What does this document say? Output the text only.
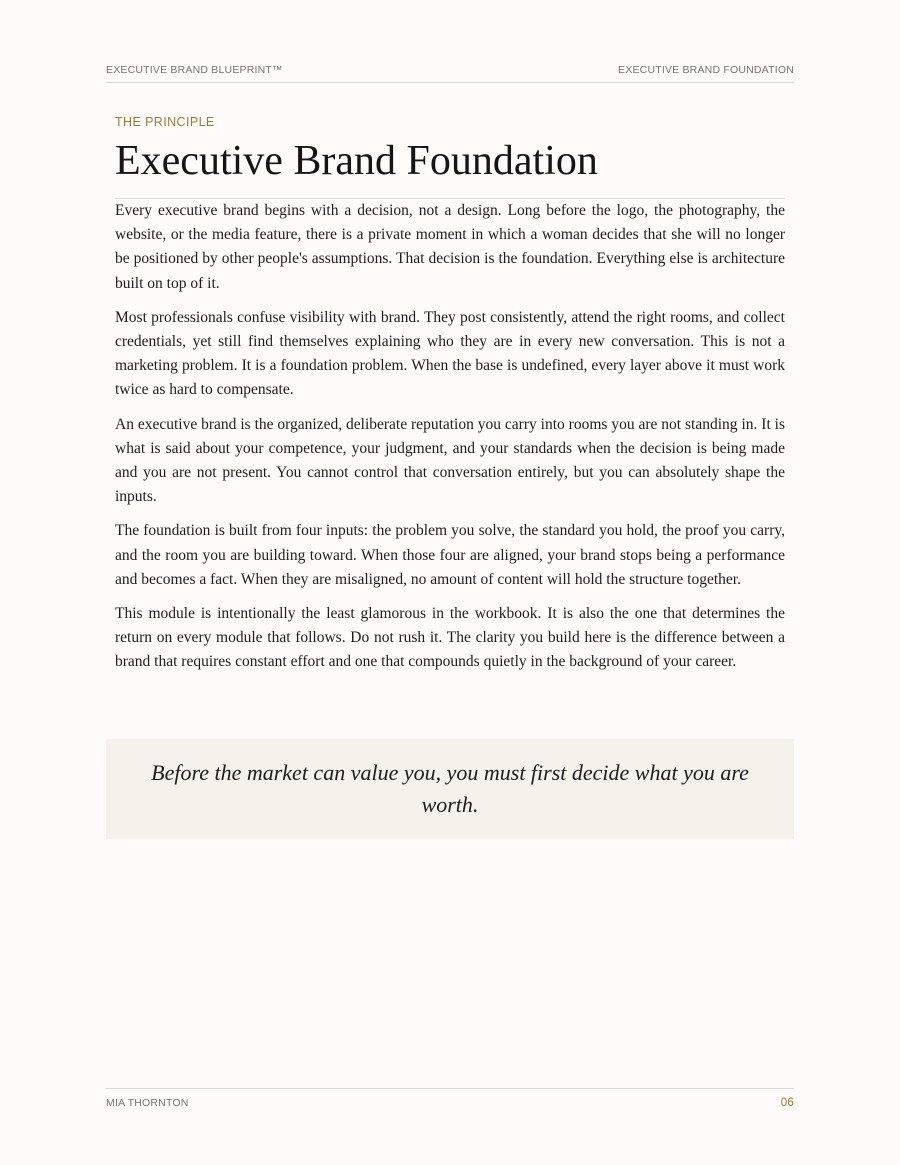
EXECUTIVE BRAND BLUEPRINT™	EXECUTIVE BRAND FOUNDATION

THE PRINCIPLE

Executive Brand Foundation

Every executive brand begins with a decision, not a design. Long before the logo, the photography, the website, or the media feature, there is a private moment in which a woman decides that she will no longer be positioned by other people's assumptions. That decision is the foundation. Everything else is architecture built on top of it.

Most professionals confuse visibility with brand. They post consistently, attend the right rooms, and collect credentials, yet still find themselves explaining who they are in every new conversation. This is not a marketing problem. It is a foundation problem. When the base is undefined, every layer above it must work twice as hard to compensate.

An executive brand is the organized, deliberate reputation you carry into rooms you are not standing in. It is what is said about your competence, your judgment, and your standards when the decision is being made and you are not present. You cannot control that conversation entirely, but you can absolutely shape the inputs.

The foundation is built from four inputs: the problem you solve, the standard you hold, the proof you carry, and the room you are building toward. When those four are aligned, your brand stops being a performance and becomes a fact. When they are misaligned, no amount of content will hold the structure together.

This module is intentionally the least glamorous in the workbook. It is also the one that determines the return on every module that follows. Do not rush it. The clarity you build here is the difference between a brand that requires constant effort and one that compounds quietly in the background of your career.

Before the market can value you, you must first decide what you are worth.

MIA THORNTON	06
